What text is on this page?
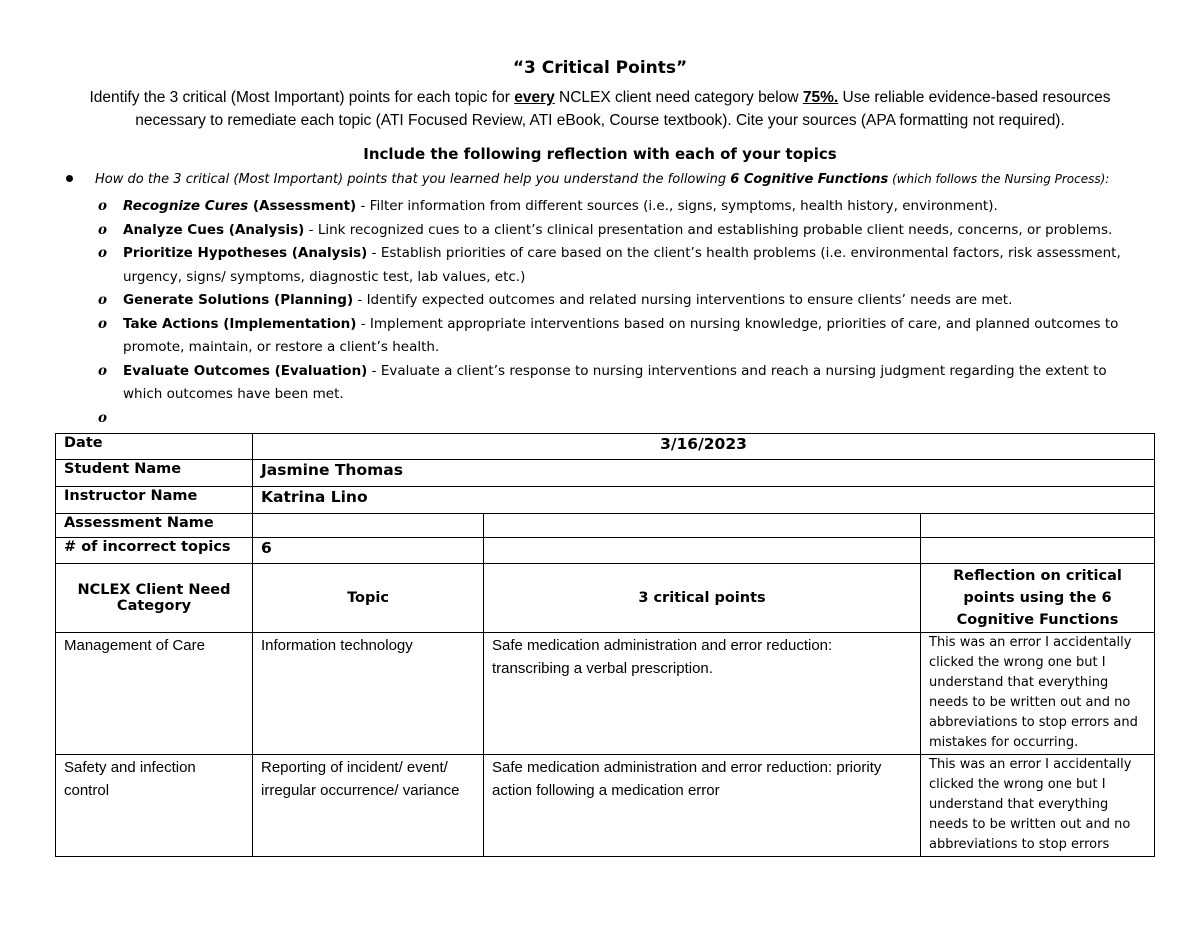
“3 Critical Points”
Identify the 3 critical (Most Important) points for each topic for every NCLEX client need category below 75%. Use reliable evidence-based resources necessary to remediate each topic (ATI Focused Review, ATI eBook, Course textbook). Cite your sources (APA formatting not required).
Include the following reflection with each of your topics
How do the 3 critical (Most Important) points that you learned help you understand the following 6 Cognitive Functions (which follows the Nursing Process):
o Recognize Cures (Assessment) - Filter information from different sources (i.e., signs, symptoms, health history, environment).
o Analyze Cues (Analysis) - Link recognized cues to a client’s clinical presentation and establishing probable client needs, concerns, or problems.
o Prioritize Hypotheses (Analysis) - Establish priorities of care based on the client’s health problems (i.e. environmental factors, risk assessment, urgency, signs/ symptoms, diagnostic test, lab values, etc.)
o Generate Solutions (Planning) - Identify expected outcomes and related nursing interventions to ensure clients’ needs are met.
o Take Actions (Implementation) - Implement appropriate interventions based on nursing knowledge, priorities of care, and planned outcomes to promote, maintain, or restore a client’s health.
o Evaluate Outcomes (Evaluation) - Evaluate a client’s response to nursing interventions and reach a nursing judgment regarding the extent to which outcomes have been met.
o

Date	3/16/2023		
Student Name	Jasmine Thomas		
Instructor Name	Katrina Lino		
Assessment Name			
# of incorrect topics	6		
NCLEX Client Need Category	Topic	3 critical points	Reflection on critical points using the 6 Cognitive Functions
Management of Care	Information technology	Safe medication administration and error reduction: transcribing a verbal prescription.	This was an error I accidentally clicked the wrong one but I understand that everything needs to be written out and no abbreviations to stop errors and mistakes for occurring.
Safety and infection control	Reporting of incident/ event/ irregular occurrence/ variance	Safe medication administration and error reduction: priority action following a medication error	This was an error I accidentally clicked the wrong one but I understand that everything needs to be written out and no abbreviations to stop errors
